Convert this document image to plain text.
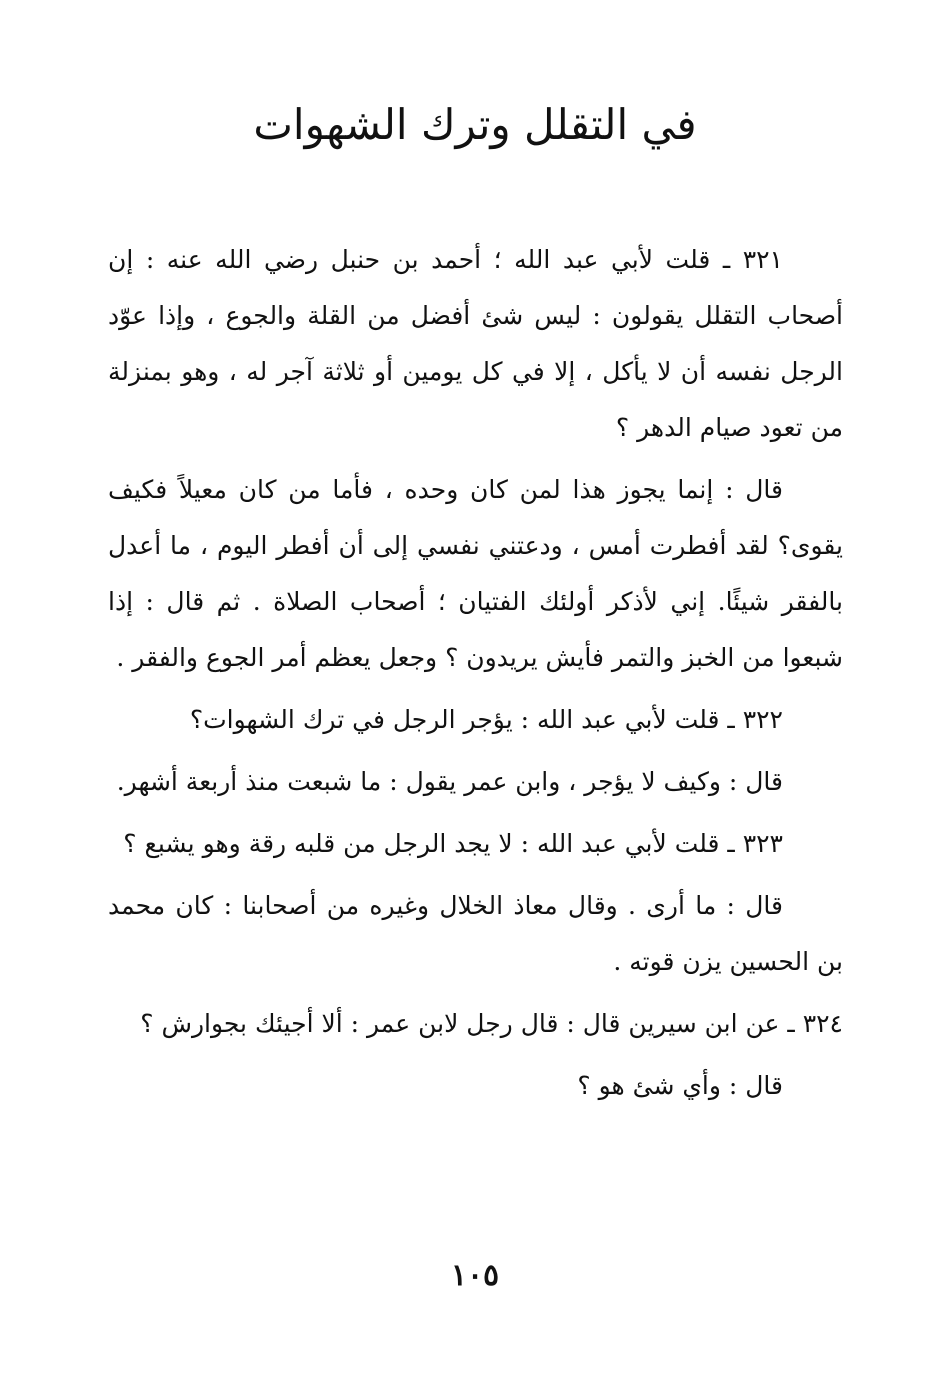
في التقلل وترك الشهوات

٣٢١ ـ قلت لأبي عبد الله ؛ أحمد بن حنبل رضي الله عنه : إن أصحاب التقلل يقولون : ليس شئ أفضل من القلة والجوع ، وإذا عوّد الرجل نفسه أن لا يأكل ، إلا في كل يومين أو ثلاثة آجر له ، وهو بمنزلة من تعود صيام الدهر ؟

قال : إنما يجوز هذا لمن كان وحده ، فأما من كان معيلاً فكيف يقوى؟ لقد أفطرت أمس ، ودعتني نفسي إلى أن أفطر اليوم ، ما أعدل بالفقر شيئًا. إني لأذكر أولئك الفتيان ؛ أصحاب الصلاة . ثم قال : إذا شبعوا من الخبز والتمر فأيش يريدون ؟ وجعل يعظم أمر الجوع والفقر .

٣٢٢ ـ قلت لأبي عبد الله : يؤجر الرجل في ترك الشهوات؟

قال : وكيف لا يؤجر ، وابن عمر يقول : ما شبعت منذ أربعة أشهر.

٣٢٣ ـ قلت لأبي عبد الله : لا يجد الرجل من قلبه رقة وهو يشبع ؟

قال : ما أرى . وقال معاذ الخلال وغيره من أصحابنا : كان محمد بن الحسين يزن قوته .

٣٢٤ ـ عن ابن سيرين قال : قال رجل لابن عمر : ألا أجيئك بجوارش ؟

قال : وأي شئ هو ؟

١٠٥
